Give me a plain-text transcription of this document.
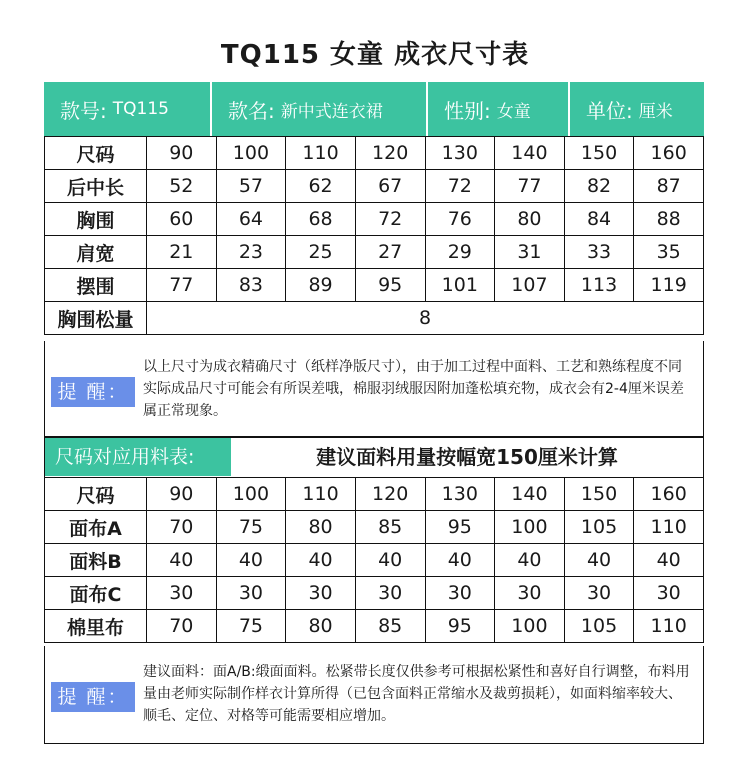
TQ115 女童 成衣尺寸表
款号: TQ115	款名: 新中式连衣裙	性别: 女童	单位: 厘米
尺码	90	100	110	120	130	140	150	160
后中长	52	57	62	67	72	77	82	87
胸围	60	64	68	72	76	80	84	88
肩宽	21	23	25	27	29	31	33	35
摆围	77	83	89	95	101	107	113	119
胸围松量	8							
提 醒：
以上尺寸为成衣精确尺寸（纸样净版尺寸），由于加工过程中面料、工艺和熟练程度不同实际成品尺寸可能会有所误差哦，棉服羽绒服因附加蓬松填充物，成衣会有2-4厘米误差属正常现象。
尺码对应用料表:	建议面料用量按幅宽150厘米计算
尺码	90	100	110	120	130	140	150	160
面布A	70	75	80	85	95	100	105	110
面料B	40	40	40	40	40	40	40	40
面布C	30	30	30	30	30	30	30	30
棉里布	70	75	80	85	95	100	105	110
提 醒：
建议面料：面A/B:缎面面料。松紧带长度仅供参考可根据松紧性和喜好自行调整，布料用量由老师实际制作样衣计算所得（已包含面料正常缩水及裁剪损耗），如面料缩率较大、顺毛、定位、对格等可能需要相应增加。
